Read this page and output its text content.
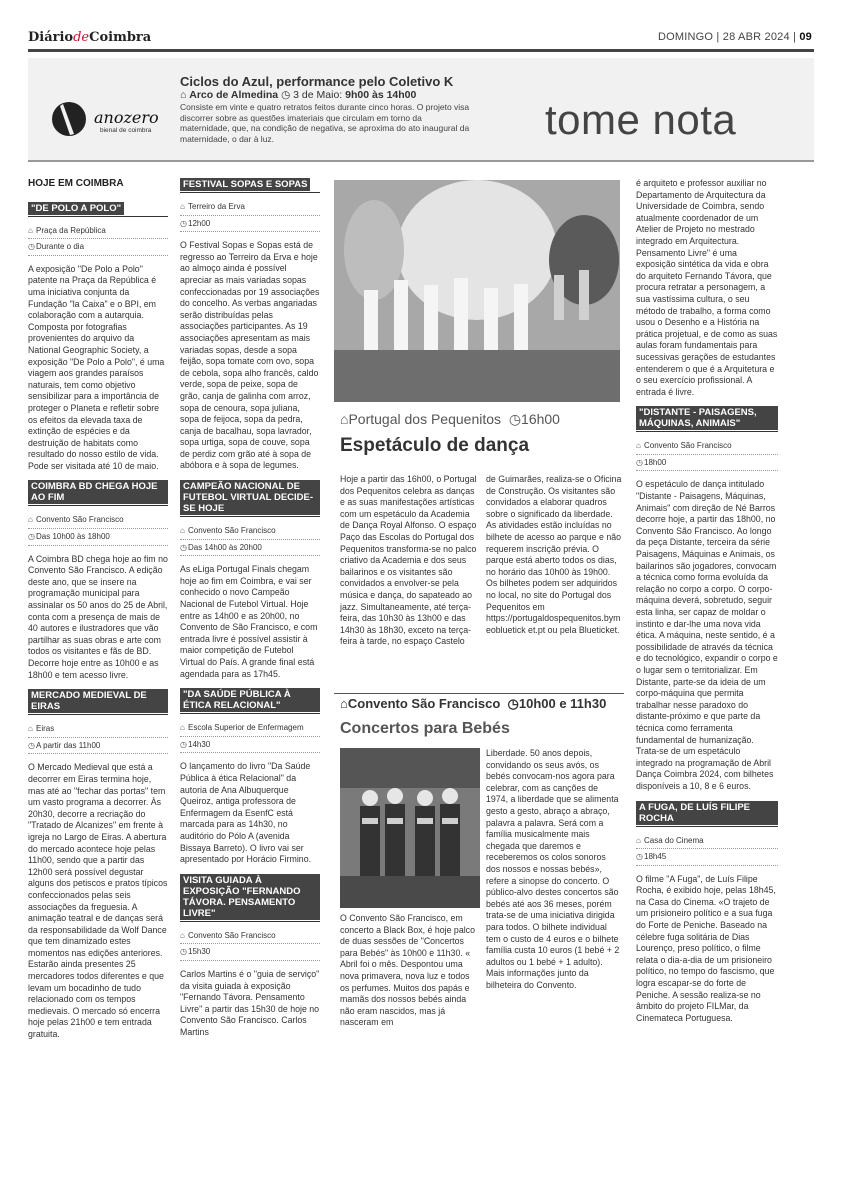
DiáriodeCoimbra	DOMINGO | 28 ABR 2024 | 09
anozero
bienal de coimbra
Ciclos do Azul, performance pelo Coletivo K
⌂ Arco de Almedina ◷ 3 de Maio: 9h00 às 14h00
Consiste em vinte e quatro retratos feitos durante cinco horas. O projeto visa discorrer sobre as questões imateriais que circulam em torno da maternidade, que, na condição de negativa, se aproxima do ato inaugural da maternidade, o dar à luz.	tome nota
HOJE EM COIMBRA
"DE POLO A POLO"
⌂ Praça da República
◷Durante o dia

A exposição "De Polo a Polo" patente na Praça da República é uma iniciativa conjunta da Fundação "la Caixa" e o BPI, em colaboração com a autarquia. Composta por fotografias provenientes do arquivo da National Geographic Society, a exposição "De Polo a Polo", é uma viagem aos grandes paraísos naturais, tem como objetivo sensibilizar para a importância de proteger o Planeta e refletir sobre os efeitos da elevada taxa de extinção de espécies e da destruição de habitats como resultado do nosso estilo de vida. Pode ser visitada até 10 de maio.

COIMBRA BD CHEGA HOJE AO FIM
⌂ Convento São Francisco
◷Das 10h00 às 18h00

A Coimbra BD chega hoje ao fim no Convento São Francisco. A edição deste ano, que se insere na programação municipal para assinalar os 50 anos do 25 de Abril, conta com a presença de mais de 40 autores e ilustradores que vão partilhar as suas obras e arte com todos os visitantes e fãs de BD. Decorre hoje entre as 10h00 e as 18h00 e tem acesso livre.

MERCADO MEDIEVAL DE EIRAS
⌂ Eiras
◷A partir das 11h00

O Mercado Medieval que está a decorrer em Eiras termina hoje, mas até ao "fechar das portas" tem um vasto programa a decorrer. Às 20h30, decorre a recriação do "Tratado de Alcanizes" em frente à igreja no Largo de Eiras. A abertura do mercado acontece hoje pelas 11h00, sendo que a partir das 12h00 será possível degustar alguns dos petiscos e pratos típicos confeccionados pelas seis associações da freguesia. A animação teatral e de danças será da responsabilidade da Wolf Dance que tem dinamizado estes momentos nas edições anteriores. Estarão ainda presentes 25 mercadores todos diferentes e que levam um bocadinho de tudo relacionado com os tempos medievais. O mercado só encerra hoje pelas 21h00 e tem entrada gratuita.

FESTIVAL SOPAS E SOPAS
⌂ Terreiro da Erva
◷12h00

O Festival Sopas e Sopas está de regresso ao Terreiro da Erva e hoje ao almoço ainda é possível apreciar as mais variadas sopas confeccionadas por 19 associações do concelho. As verbas angariadas serão distribuídas pelas associações participantes. As 19 associações apresentam as mais variadas sopas, desde a sopa feijão, sopa tomate com ovo, sopa de cebola, sopa alho francês, caldo verde, sopa de peixe, sopa de grão, canja de galinha com arroz, sopa de cenoura, sopa juliana, sopa de feijoca, sopa da pedra, canja de bacalhau, sopa lavrador, sopa urtiga, sopa de couve, sopa de perdiz com grão até à sopa de abóbora e à sopa de legumes.

CAMPEÃO NACIONAL DE FUTEBOL VIRTUAL DECIDE-SE HOJE
⌂ Convento São Francisco
◷Das 14h00 às 20h00

As eLiga Portugal Finals chegam hoje ao fim em Coimbra, e vai ser conhecido o novo Campeão Nacional de Futebol Virtual. Hoje entre as 14h00 e as 20h00, no Convento de São Francisco, e com entrada livre é possível assistir à maior competição de Futebol Virtual do País. A grande final está agendada para as 17h45.

"DA SAÚDE PÚBLICA À ÉTICA RELACIONAL"
⌂ Escola Superior de Enfermagem
◷14h30

O lançamento do livro "Da Saúde Pública à ética Relacional" da autoria de Ana Albuquerque Queiroz, antiga professora de Enfermagem da EsenfC está marcada para as 14h30, no auditório do Pólo A (avenida Bissaya Barreto). O livro vai ser apresentado por Horácio Firmino.

VISITA GUIADA À EXPOSIÇÃO "FERNANDO TÁVORA. PENSAMENTO LIVRE"
⌂ Convento São Francisco
◷15h30

Carlos Martins é o "guia de serviço" da visita guiada à exposição "Fernando Távora. Pensamento Livre" a partir das 15h30 de hoje no Convento São Francisco. Carlos Martins

⌂Portugal dos Pequenitos ◷16h00
Espetáculo de dança

Hoje a partir das 16h00, o Portugal dos Pequenitos celebra as danças e as suas manifestações artísticas com um espetáculo da Academia de Dança Royal Alfonso. O espaço Paço das Escolas do Portugal dos Pequenitos transforma-se no palco criativo da Academia e dos seus bailarinos e os visitantes são convidados a envolver-se pela música e dança, do sapateado ao jazz. Simultaneamente, até terça-feira, das 10h30 às 13h00 e das 14h30 às 18h30, exceto na terça-feira à tarde, no espaço Castelo

de Guimarães, realiza-se o Oficina de Construção. Os visitantes são convidados a elaborar quadros sobre o significado da liberdade. As atividades estão incluídas no bilhete de acesso ao parque e não requerem inscrição prévia. O parque está aberto todos os dias, no horário das 10h00 às 19h00. Os bilhetes podem ser adquiridos no local, no site do Portugal dos Pequenitos em https://portugaldospequenitos.bymeobluetick et.pt ou pela Blueticket.

⌂Convento São Francisco ◷10h00 e 11h30
Concertos para Bebés

O Convento São Francisco, em concerto a Black Box, é hoje palco de duas sessões de "Concertos para Bebés" às 10h00 e 11h30. « Abril foi o mês. Despontou uma nova primavera, nova luz e todos os perfumes. Muitos dos papás e mamãs dos nossos bebés ainda não eram nascidos, mas já nasceram em

Liberdade. 50 anos depois, convidando os seus avós, os bebés convocam-nos agora para celebrar, com as canções de 1974, a liberdade que se alimenta gesto a gesto, abraço a abraço, palavra a palavra. Será com a família musicalmente mais chegada que daremos e receberemos os colos sonoros dos nossos e nossas bebés», refere a sinopse do concerto. O público-alvo destes concertos são bebés até aos 36 meses, porém trata-se de uma iniciativa dirigida para todos. O bilhete individual tem o custo de 4 euros e o bilhete família custa 10 euros (1 bebé + 2 adultos ou 1 bebé + 1 adulto). Mais informações junto da bilheteira do Convento.

é arquiteto e professor auxiliar no Departamento de Arquitectura da Universidade de Coimbra, sendo atualmente coordenador de um Atelier de Projeto no mestrado integrado em Arquitectura. Pensamento Livre" é uma exposição sintética da vida e obra do arquiteto Fernando Távora, que procura retratar a personagem, a sua vastíssima cultura, o seu método de trabalho, a forma como usou o Desenho e a História na prática projetual, e de como as suas aulas foram fundamentais para sucessivas gerações de estudantes entenderem o que é a Arquitetura e o seu exercício profissional. A entrada é livre.

"DISTANTE - PAISAGENS, MÁQUINAS, ANIMAIS"
⌂ Convento São Francisco
◷18h00

O espetáculo de dança intitulado "Distante - Paisagens, Máquinas, Animais" com direção de Né Barros decorre hoje, a partir das 18h00, no Convento São Francisco. Ao longo da peça Distante, terceira da série Paisagens, Máquinas e Animais, os bailarinos são jogadores, convocam a técnica como forma evoluída da relação no corpo a corpo. O corpo-máquina deverá, sobretudo, seguir esta linha, ser capaz de moldar o instinto e dar-lhe uma nova vida ética. A máquina, neste sentido, é a possibilidade de através da técnica e do tecnológico, expandir o corpo e o lugar sem o territorializar. Em Distante, parte-se da ideia de um corpo-máquina que permita trabalhar nesse paradoxo do distante-próximo e que parte da técnica como ferramenta fundamental de humanização. Trata-se de um espetáculo integrado na programação de Abril Dança Coimbra 2024, com bilhetes disponíveis a 10, 8 e 6 euros.

A FUGA, DE LUÍS FILIPE ROCHA
⌂ Casa do Cinema
◷18h45

O filme "A Fuga", de Luís Filipe Rocha, é exibido hoje, pelas 18h45, na Casa do Cinema. «O trajeto de um prisioneiro político e a sua fuga do Forte de Peniche. Baseado na célebre fuga solitária de Dias Lourenço, preso político, o filme relata o dia-a-dia de um prisioneiro político, no tempo do fascismo, que logra escapar-se do forte de Peniche. A sessão realiza-se no âmbito do projeto FILMar, da Cinemateca Portuguesa.
